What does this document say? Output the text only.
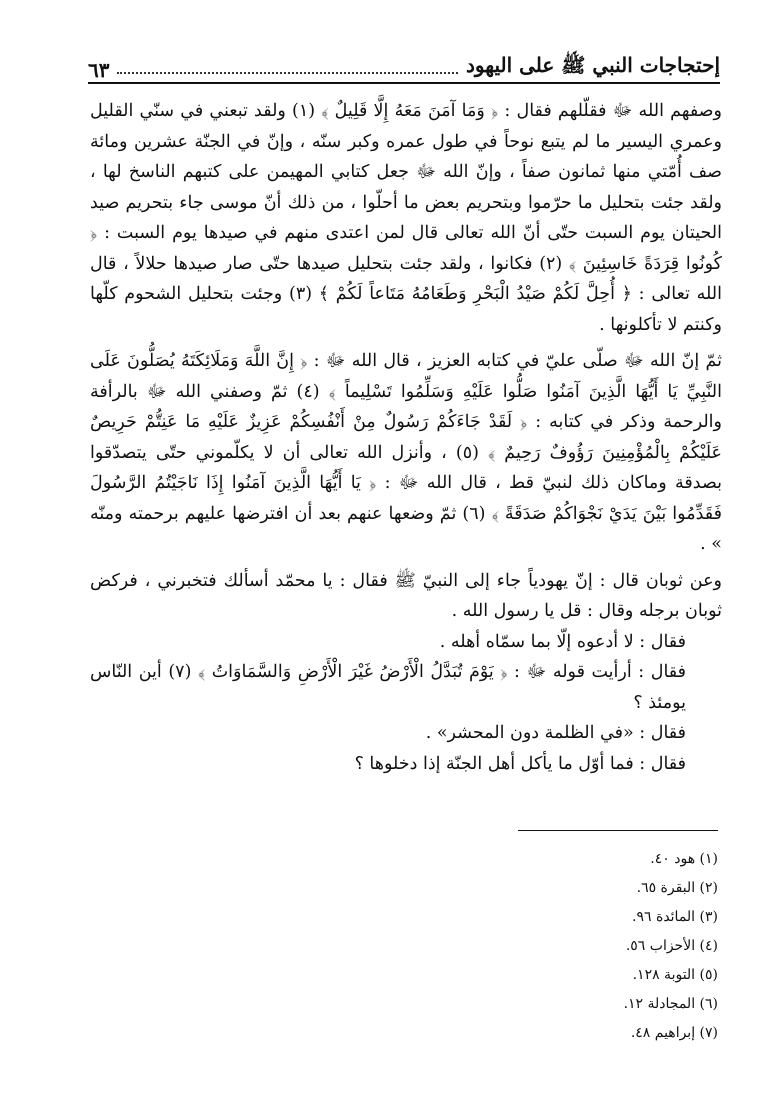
إحتجاجات النبي ﷺ على اليهود
٦٣

وصفهم الله ﷻ فقلّلهم فقال : ﴿ وَمَا آمَنَ مَعَهُ إِلَّا قَلِيلٌ ﴾ (١) ولقد تبعني في سنّي القليل وعمري اليسير ما لم يتبع نوحاً في طول عمره وكبر سنّه ، وإنّ في الجنّة عشرين ومائة صف أُمّتي منها ثمانون صفاً ، وإنّ الله ﷻ جعل كتابي المهيمن على كتبهم الناسخ لها ، ولقد جئت بتحليل ما حرّموا وبتحريم بعض ما أحلّوا ، من ذلك أنّ موسى جاء بتحريم صيد الحيتان يوم السبت حتّى أنّ الله تعالى قال لمن اعتدى منهم في صيدها يوم السبت : ﴿ كُونُوا قِرَدَةً خَاسِئِينَ ﴾ (٢) فكانوا ، ولقد جئت بتحليل صيدها حتّى صار صيدها حلالاً ، قال الله تعالى : ﴿ أُحِلَّ لَكُمْ صَيْدُ الْبَحْرِ وَطَعَامُهُ مَتَاعاً لَكُمْ ﴾ (٣) وجئت بتحليل الشحوم كلّها وكنتم لا تأكلونها .

ثمّ إنّ الله ﷻ صلّى عليّ في كتابه العزيز ، قال الله ﷻ : ﴿ إِنَّ اللَّهَ وَمَلَائِكَتَهُ يُصَلُّونَ عَلَى النَّبِيِّ يَا أَيُّهَا الَّذِينَ آمَنُوا صَلُّوا عَلَيْهِ وَسَلِّمُوا تَسْلِيماً ﴾ (٤) ثمّ وصفني الله ﷻ بالرأفة والرحمة وذكر في كتابه : ﴿ لَقَدْ جَاءَكُمْ رَسُولٌ مِنْ أَنْفُسِكُمْ عَزِيزٌ عَلَيْهِ مَا عَنِتُّمْ حَرِيصٌ عَلَيْكُمْ بِالْمُؤْمِنِينَ رَؤُوفٌ رَحِيمٌ ﴾ (٥) ، وأنزل الله تعالى أن لا يكلّموني حتّى يتصدّقوا بصدقة وماكان ذلك لنبيّ قط ، قال الله ﷻ : ﴿ يَا أَيُّهَا الَّذِينَ آمَنُوا إِذَا نَاجَيْتُمُ الرَّسُولَ فَقَدِّمُوا بَيْنَ يَدَيْ نَجْوَاكُمْ صَدَقَةً ﴾ (٦) ثمّ وضعها عنهم بعد أن افترضها عليهم برحمته ومنّه » .

وعن ثوبان قال : إنّ يهودياً جاء إلى النبيّ ﷺ فقال : يا محمّد أسألك فتخبرني ، فركض ثوبان برجله وقال : قل يا رسول الله .

فقال : لا أدعوه إلّا بما سمّاه أهله .

فقال : أرأيت قوله ﷻ : ﴿ يَوْمَ تُبَدَّلُ الْأَرْضُ غَيْرَ الْأَرْضِ وَالسَّمَاوَاتُ ﴾ (٧) أين النّاس يومئذ ؟

فقال : «في الظلمة دون المحشر» .

فقال : فما أوّل ما يأكل أهل الجنّة إذا دخلوها ؟

(١) هود ٤٠.
(٢) البقرة ٦٥.
(٣) المائدة ٩٦.
(٤) الأحزاب ٥٦.
(٥) التوبة ١٢٨.
(٦) المجادلة ١٢.
(٧) إبراهيم ٤٨.
